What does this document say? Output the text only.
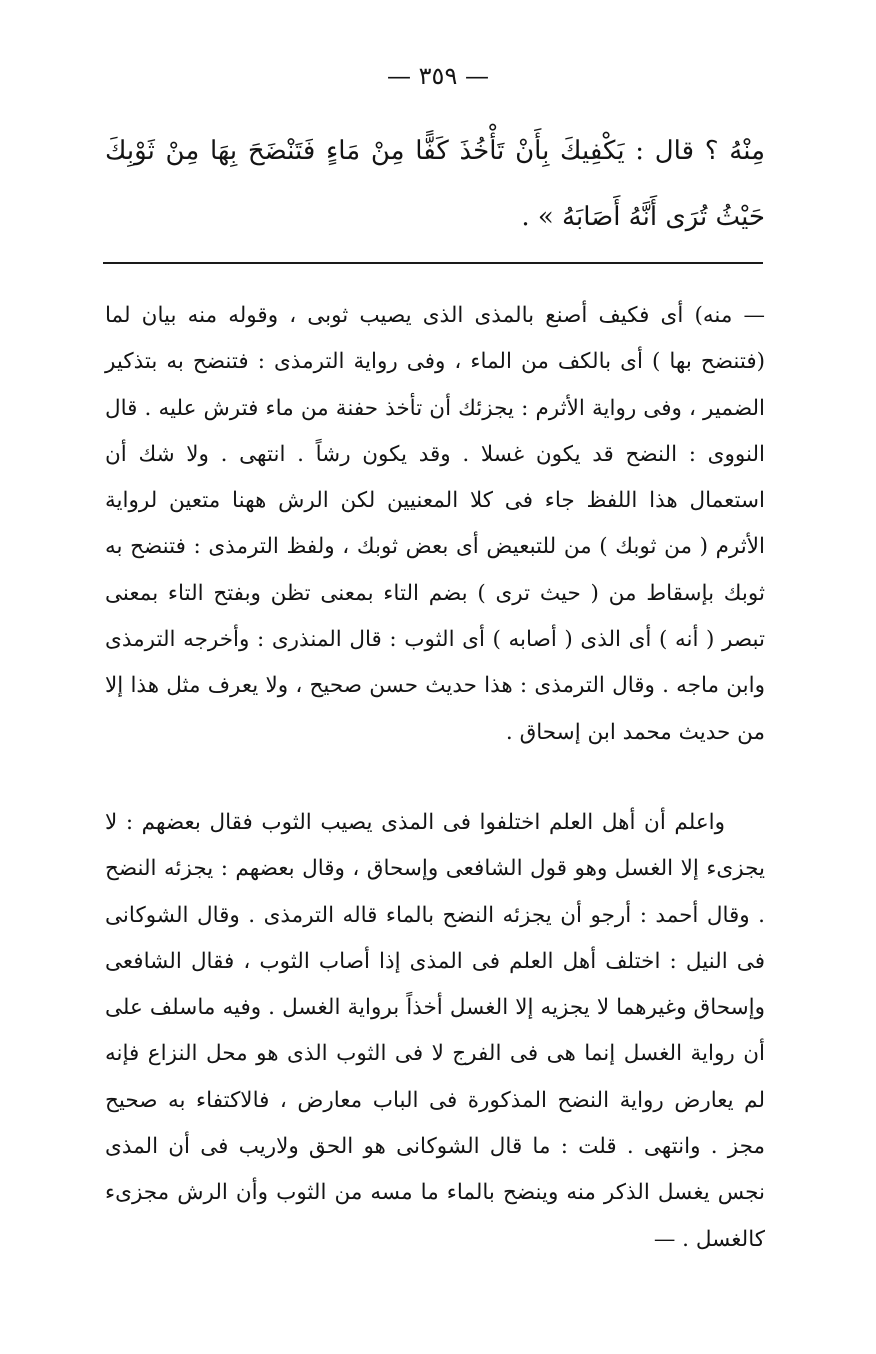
— ٣٥٩ —

مِنْهُ ؟ قال : يَكْفِيكَ بِأَنْ تَأْخُذَ كَفًّا مِنْ مَاءٍ فَتَنْضَحَ بِهَا مِنْ ثَوْبِكَ حَيْثُ تُرَى أَنَّهُ أَصَابَهُ » .

— منه) أى فكيف أصنع بالمذى الذى يصيب ثوبى ، وقوله منه بيان لما (فتنضح بها ) أى بالكف من الماء ، وفى رواية الترمذى : فتنضح به بتذكير الضمير ، وفى رواية الأثرم : يجزئك أن تأخذ حفنة من ماء فترش عليه . قال النووى : النضح قد يكون غسلا . وقد يكون رشاً . انتهى . ولا شك أن استعمال هذا اللفظ جاء فى كلا المعنيين لكن الرش ههنا متعين لرواية الأثرم ( من ثوبك ) من للتبعيض أى بعض ثوبك ، ولفظ الترمذى : فتنضح به ثوبك بإسقاط من ( حيث ترى ) بضم التاء بمعنى تظن وبفتح التاء بمعنى تبصر ( أنه ) أى الذى ( أصابه ) أى الثوب : قال المنذرى : وأخرجه الترمذى وابن ماجه . وقال الترمذى : هذا حديث حسن صحيح ، ولا يعرف مثل هذا إلا من حديث محمد ابن إسحاق .

واعلم أن أهل العلم اختلفوا فى المذى يصيب الثوب فقال بعضهم : لا يجزىء إلا الغسل وهو قول الشافعى وإسحاق ، وقال بعضهم : يجزئه النضح . وقال أحمد : أرجو أن يجزئه النضح بالماء قاله الترمذى . وقال الشوكانى فى النيل : اختلف أهل العلم فى المذى إذا أصاب الثوب ، فقال الشافعى وإسحاق وغيرهما لا يجزيه إلا الغسل أخذاً برواية الغسل . وفيه ماسلف على أن رواية الغسل إنما هى فى الفرج لا فى الثوب الذى هو محل النزاع فإنه لم يعارض رواية النضح المذكورة فى الباب معارض ، فالاكتفاء به صحيح مجز . وانتهى . قلت : ما قال الشوكانى هو الحق ولاريب فى أن المذى نجس يغسل الذكر منه وينضح بالماء ما مسه من الثوب وأن الرش مجزىء كالغسل . —
